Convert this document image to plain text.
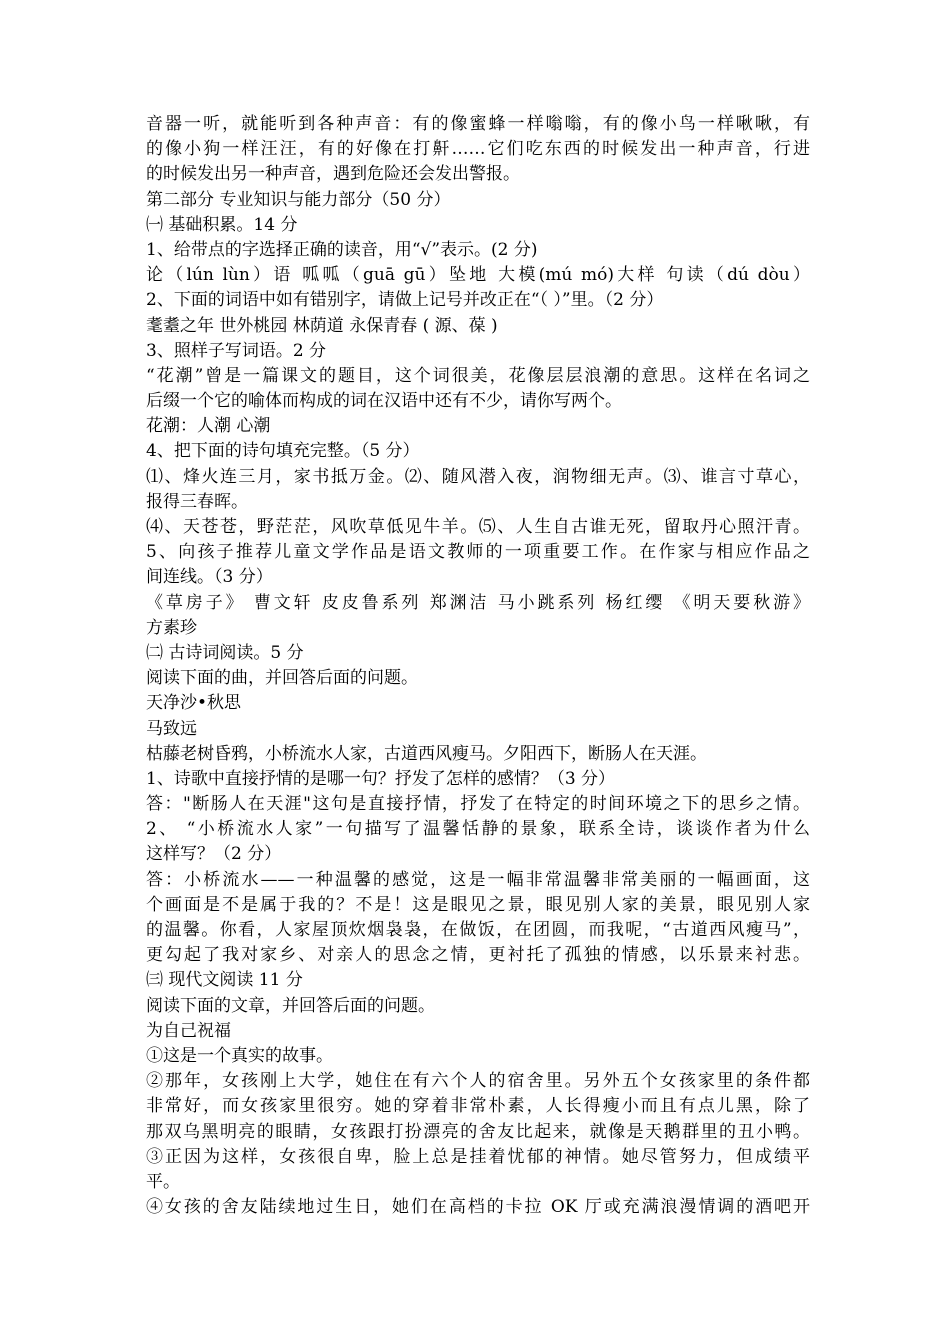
音器一听，就能听到各种声音：有的像蜜蜂一样嗡嗡，有的像小鸟一样啾啾，有

的像小狗一样汪汪，有的好像在打鼾……它们吃东西的时候发出一种声音，行进

的时候发出另一种声音，遇到危险还会发出警报。

第二部分 专业知识与能力部分（50 分）

㈠ 基础积累。14 分

1、给带点的字选择正确的读音，用“√”表示。(2 分)

论（lún lùn）语 呱呱（guā gū）坠地 大模(mú mó)大样 句读（dú dòu）

2、下面的词语中如有错别字，请做上记号并改正在“（ ）”里。（2 分）

耄耋之年 世外桃园 林荫道 永保青春 ( 源、葆 )

3、照样子写词语。2 分

“花潮”曾是一篇课文的题目，这个词很美，花像层层浪潮的意思。这样在名词之

后缀一个它的喻体而构成的词在汉语中还有不少，请你写两个。

花潮：人潮 心潮

4、把下面的诗句填充完整。（5 分）

⑴、烽火连三月，家书抵万金。⑵、随风潜入夜，润物细无声。⑶、谁言寸草心，

报得三春晖。

⑷、天苍苍，野茫茫，风吹草低见牛羊。⑸、人生自古谁无死，留取丹心照汗青。

5、向孩子推荐儿童文学作品是语文教师的一项重要工作。在作家与相应作品之

间连线。（3 分）

《草房子》 曹文轩 皮皮鲁系列 郑渊洁 马小跳系列 杨红缨 《明天要秋游》

方素珍

㈡ 古诗词阅读。5 分

阅读下面的曲，并回答后面的问题。

天净沙•秋思

马致远

枯藤老树昏鸦，小桥流水人家，古道西风瘦马。夕阳西下，断肠人在天涯。

1、诗歌中直接抒情的是哪一句？抒发了怎样的感情？（3 分）

答："断肠人在天涯"这句是直接抒情，抒发了在特定的时间环境之下的思乡之情。

2、 “小桥流水人家”一句描写了温馨恬静的景象，联系全诗，谈谈作者为什么

这样写？（2 分）

答：小桥流水——一种温馨的感觉，这是一幅非常温馨非常美丽的一幅画面，这

个画面是不是属于我的？不是！这是眼见之景，眼见别人家的美景，眼见别人家

的温馨。你看，人家屋顶炊烟袅袅，在做饭，在团圆，而我呢，“古道西风瘦马”，

更勾起了我对家乡、对亲人的思念之情，更衬托了孤独的情感，以乐景来衬悲。

㈢ 现代文阅读 11 分

阅读下面的文章，并回答后面的问题。

为自己祝福

①这是一个真实的故事。

②那年，女孩刚上大学，她住在有六个人的宿舍里。另外五个女孩家里的条件都

非常好，而女孩家里很穷。她的穿着非常朴素，人长得瘦小而且有点儿黑，除了

那双乌黑明亮的眼睛，女孩跟打扮漂亮的舍友比起来，就像是天鹅群里的丑小鸭。

③正因为这样，女孩很自卑，脸上总是挂着忧郁的神情。她尽管努力，但成绩平

平。

④女孩的舍友陆续地过生日，她们在高档的卡拉 OK 厅或充满浪漫情调的酒吧开
